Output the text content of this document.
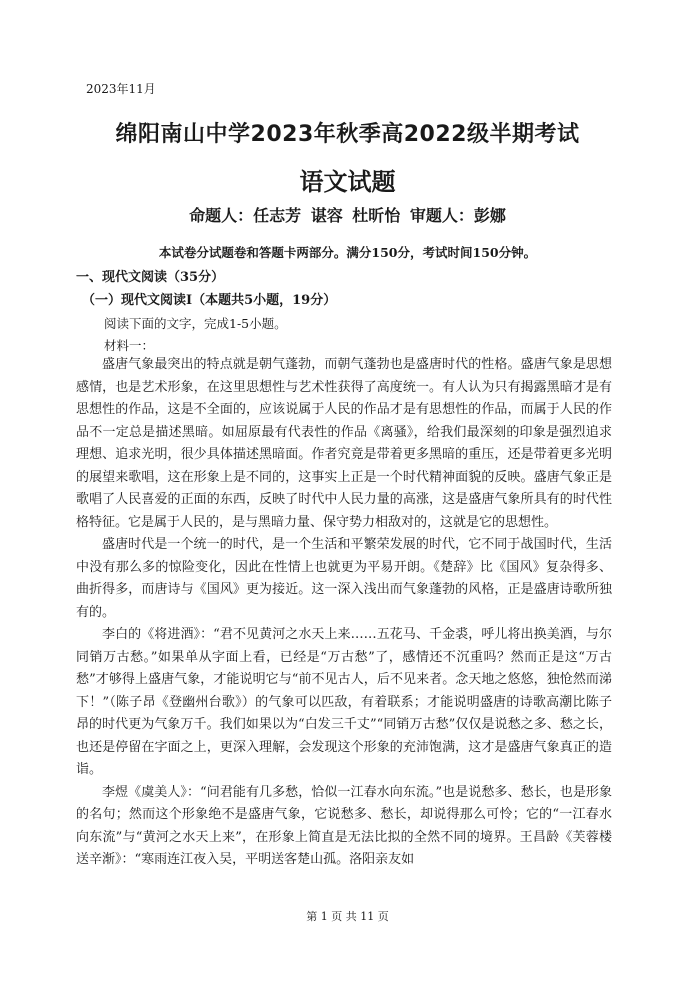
2023年11月
绵阳南山中学2023年秋季高2022级半期考试
语文试题
命题人：任志芳 谌容 杜昕怡 审题人：彭娜
本试卷分试题卷和答题卡两部分。满分150分，考试时间150分钟。
一、现代文阅读（35分）
（一）现代文阅读Ⅰ（本题共5小题，19分）
阅读下面的文字，完成1-5小题。
材料一：

盛唐气象最突出的特点就是朝气蓬勃，而朝气蓬勃也是盛唐时代的性格。盛唐气象是思想感情，也是艺术形象，在这里思想性与艺术性获得了高度统一。有人认为只有揭露黑暗才是有思想性的作品，这是不全面的，应该说属于人民的作品才是有思想性的作品，而属于人民的作品不一定总是描述黑暗。如屈原最有代表性的作品《离骚》，给我们最深刻的印象是强烈追求理想、追求光明，很少具体描述黑暗面。作者究竟是带着更多黑暗的重压，还是带着更多光明的展望来歌唱，这在形象上是不同的，这事实上正是一个时代精神面貌的反映。盛唐气象正是歌唱了人民喜爱的正面的东西，反映了时代中人民力量的高涨，这是盛唐气象所具有的时代性格特征。它是属于人民的，是与黑暗力量、保守势力相敌对的，这就是它的思想性。

盛唐时代是一个统一的时代，是一个生活和平繁荣发展的时代，它不同于战国时代，生活中没有那么多的惊险变化，因此在性情上也就更为平易开朗。《楚辞》比《国风》复杂得多、曲折得多，而唐诗与《国风》更为接近。这一深入浅出而气象蓬勃的风格，正是盛唐诗歌所独有的。

李白的《将进酒》：“君不见黄河之水天上来……五花马、千金裘，呼儿将出换美酒，与尔同销万古愁。”如果单从字面上看，已经是“万古愁”了，感情还不沉重吗？然而正是这“万古愁”才够得上盛唐气象，才能说明它与“前不见古人，后不见来者。念天地之悠悠，独怆然而涕下！”（陈子昂《登幽州台歌》）的气象可以匹敌，有着联系；才能说明盛唐的诗歌高潮比陈子昂的时代更为气象万千。我们如果以为“白发三千丈”“同销万古愁”仅仅是说愁之多、愁之长，也还是停留在字面之上，更深入理解，会发现这个形象的充沛饱满，这才是盛唐气象真正的造诣。

李煜《虞美人》：“问君能有几多愁，恰似一江春水向东流。”也是说愁多、愁长，也是形象的名句；然而这个形象绝不是盛唐气象，它说愁多、愁长，却说得那么可怜；它的“一江春水向东流”与“黄河之水天上来”，在形象上简直是无法比拟的全然不同的境界。王昌龄《芙蓉楼送辛渐》：“寒雨连江夜入吴，平明送客楚山孤。洛阳亲友如

第 1 页 共 11 页
